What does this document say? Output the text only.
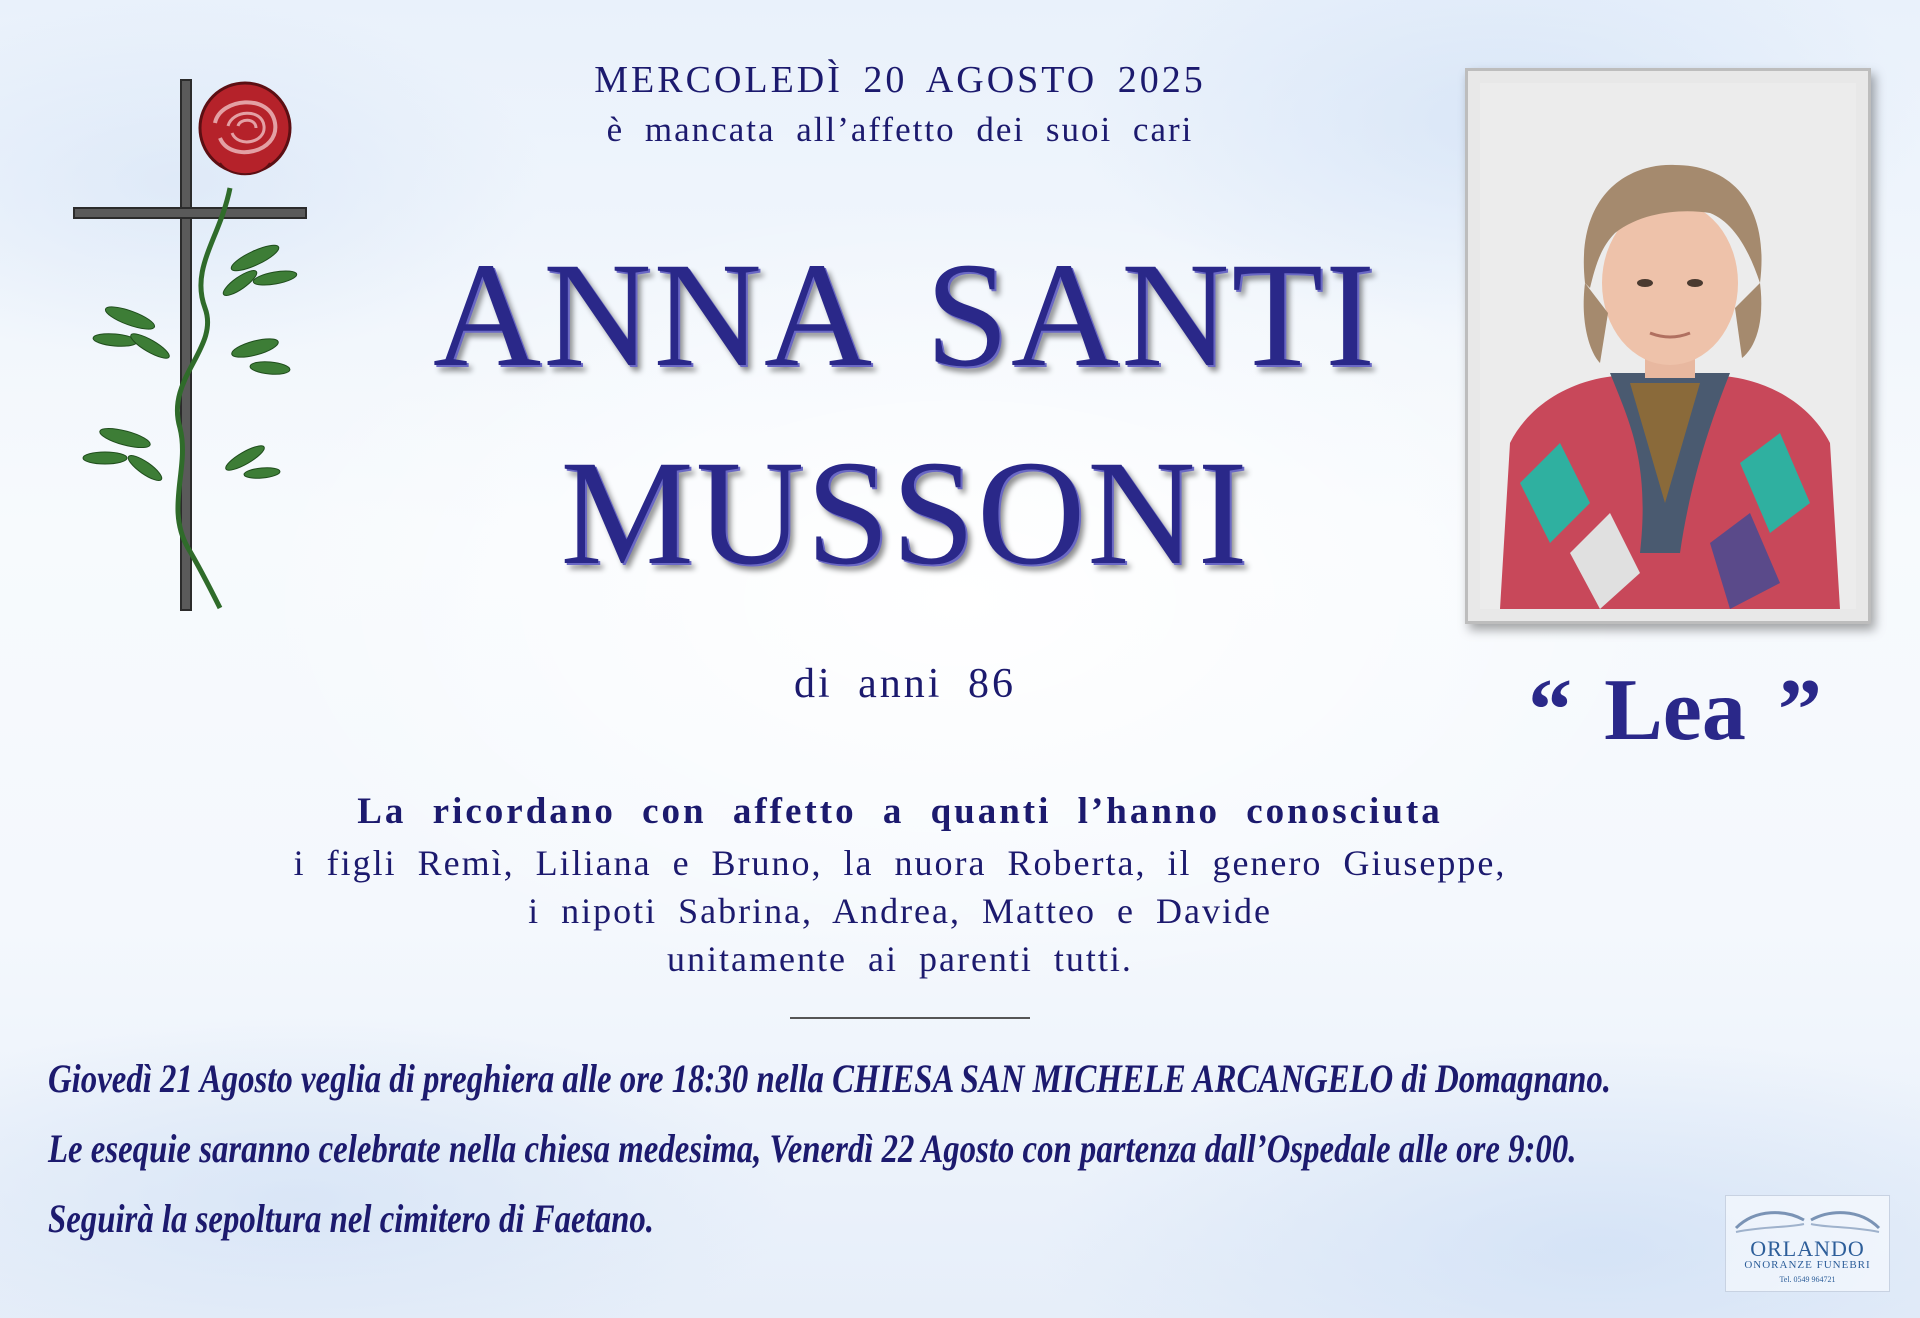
MERCOLEDÌ 20 AGOSTO 2025
è mancata all’affetto dei suoi cari
ANNA SANTI
MUSSONI
di anni 86	“ Lea ”
La ricordano con affetto a quanti l’hanno conosciuta
i figli Remì, Liliana e Bruno, la nuora Roberta, il genero Giuseppe,
i nipoti Sabrina, Andrea, Matteo e Davide
unitamente ai parenti tutti.
Giovedì 21 Agosto veglia di preghiera alle ore 18:30 nella CHIESA SAN MICHELE ARCANGELO di Domagnano.
Le esequie saranno celebrate nella chiesa medesima, Venerdì 22 Agosto con partenza dall’Ospedale alle ore 9:00.
Seguirà la sepoltura nel cimitero di Faetano.
ORLANDO
ONORANZE FUNEBRI
Tel. 0549 964721
